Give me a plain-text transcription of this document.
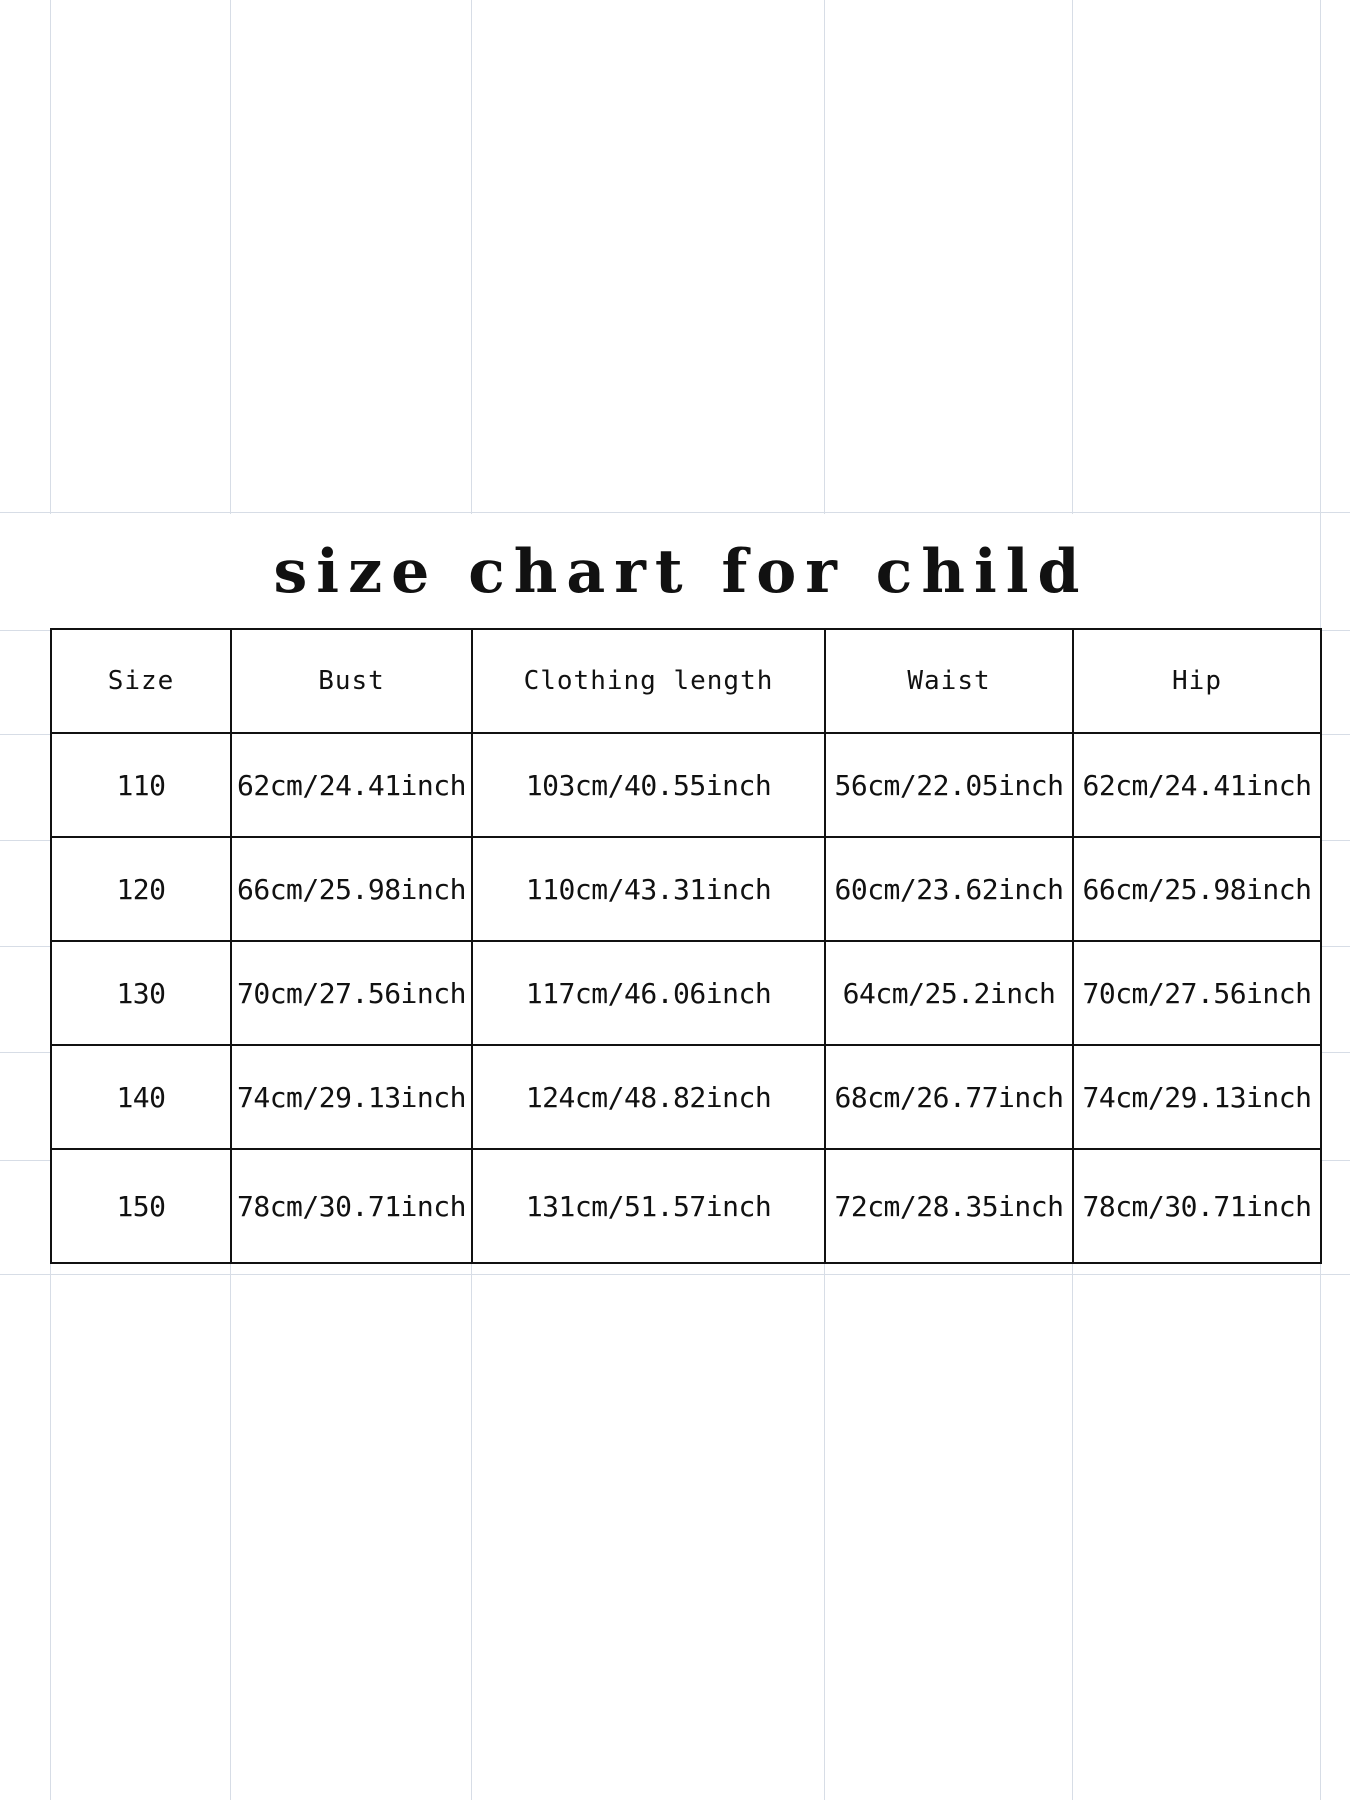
size chart for child
Size	Bust	Clothing length	Waist	Hip
110	62cm/24.41inch	103cm/40.55inch	56cm/22.05inch	62cm/24.41inch
120	66cm/25.98inch	110cm/43.31inch	60cm/23.62inch	66cm/25.98inch
130	70cm/27.56inch	117cm/46.06inch	64cm/25.2inch	70cm/27.56inch
140	74cm/29.13inch	124cm/48.82inch	68cm/26.77inch	74cm/29.13inch
150	78cm/30.71inch	131cm/51.57inch	72cm/28.35inch	78cm/30.71inch
